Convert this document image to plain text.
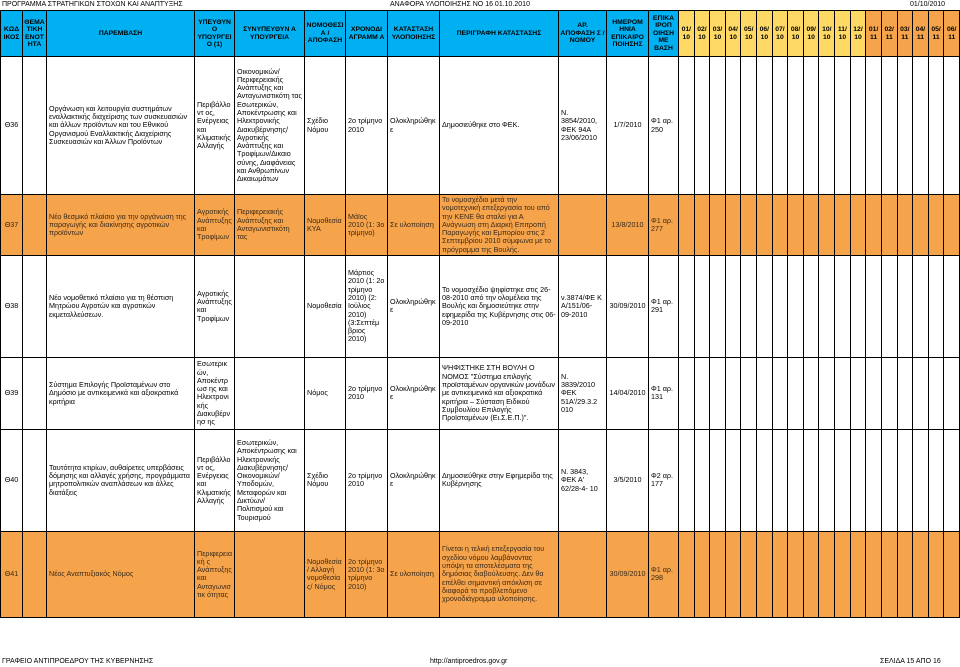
ΠΡΟΓΡΑΜΜΑ ΣΤΡΑΤΗΓΙΚΩΝ ΣΤΟΧΩΝ ΚΑΙ ΑΝΑΠΤΥΞΗΣ	ΑΝΑΦΟΡΑ ΥΛΟΠΟΙΗΣΗΣ ΝΟ 16 01.10.2010	01/10/2010
ΚΩΔ ΙΚΟΣ	ΘΕΜΑΤΙΚΗ ΕΝΟΤΗΤΑ	ΠΑΡΕΜΒΑΣΗ	ΥΠΕΥΘΥΝΟ ΥΠΟΥΡΓΕΙΟ (1)	ΣΥΝΥΠΕΥΘΥΝ Α ΥΠΟΥΡΓΕΙΑ	ΝΟΜΟΘΕΣΙ Α / ΑΠΟΦΑΣΗ	ΧΡΟΝΟΔΙ ΑΓΡΑΜΜ Α	ΚΑΤΑΣΤΑΣΗ ΥΛΟΠΟΙΗΣΗΣ	ΠΕΡΙΓΡΑΦΗ ΚΑΤΑΣΤΑΣΗΣ	ΑΡ. ΑΠΟΦΑΣΗ Σ / ΝΟΜΟΥ	ΗΜΕΡΟΜ ΗΝΙΑ ΕΠΙΚΑΙΡΟ ΠΟΙΗΣΗΣ	ΕΠΙΚΑ ΙΡΟΠ ΟΙΗΣΗ ΜΕ ΒΑΣΗ	01/ 10	02/ 10	03/ 10	04/ 10	05/ 10	06/ 10	07/ 10	08/ 10	09/ 10	10/ 10	11/ 10	12/ 10	01/ 11	02/ 11	03/ 11	04/ 11	05/ 11	06/ 11
Θ36		Οργάνωση και λειτουργία συστημάτων εναλλακτικής διαχείρισης των συσκευασιών και άλλων προϊόντων και του Εθνικού Οργανισμού Εναλλακτικής Διαχείρισης Συσκευασιών και Άλλων Προϊόντων	Περιβάλλοντ ος, Ενέργειας και Κλιματικής Αλλαγής	Οικονομικών/ Περιφερειακής Ανάπτυξης και Ανταγωνιστικότη τας Εσωτερικών, Αποκέντρωσης και Ηλεκτρονικής Διακυβέρνησης/ Αγροτικής Ανάπτυξης και Τροφίμων/Δικαιο σύνης, Διαφάνειας και Ανθρωπίνων Δικαιωμάτων	Σχέδιο Νόμου	2ο τρίμηνο 2010	Ολοκληρώθηκ ε	Δημοσιεύθηκε στο ΦΕΚ.	Ν. 3854/2010, ΦΕΚ 94Α 23/06/2010	1/7/2010	Φ1 αρ. 250																		
Θ37		Νέο θεσμικό πλαίσιο για την οργάνωση της παραγωγής και διακίνησης αγροτικών προϊόντων	Αγροτικής Ανάπτυξης και Τροφίμων	Περιφερειακής Ανάπτυξης και Ανταγωνιστικότη τας	Νομοθεσία ΚΥΑ	Μάϊος 2010 (1: 3ο τρίμηνο)	Σε υλοποίηση	Το νομοσχέδιο μετά την νομοτεχνική επεξεργασία του από την ΚΕΝΕ θα σταλεί για Α Ανάγνωση στη Διαρκή Επιτροπή Παραγωγής και Εμπορίου στις 2 Σεπτεμβρίου 2010 σύμφωνα με το πρόγραμμα της Βουλής.		13/8/2010	Φ1 αρ. 277																		
Θ38		Νέο νομοθετικό πλαίσιο για τη θέσπιση Μητρώου Αγροτών και αγροτικών εκμεταλλεύσεων.	Αγροτικής Ανάπτυξης και Τροφίμων		Νομοθεσία	Μάρτιος 2010 (1: 2ο τρίμηνο 2010) (2: Ιούλιος 2010) (3:Σεπτέμ βριος 2010)	Ολοκληρώθηκ ε	Το νομοσχέδιο ψηφίστηκε στις 26-08-2010 από την ολομέλεια της Βουλής και δημοσιεύτηκε στην εφημερίδα της Κυβέρνησης στις 06-09-2010	ν.3874/ΦΕ Κ Α/151/06- 09-2010	30/09/2010	Φ1 αρ. 291																		
Θ39		Σύστημα Επιλογής Προϊσταμένων στο Δημόσιο με αντικειμενικά και αξιοκρατικά κριτήρια	Εσωτερικών, Αποκέντρωσ ης και Ηλεκτρονικής Διακυβέρνησ ης		Νόμος	2ο τρίμηνο 2010	Ολοκληρώθηκ ε	ΨΗΦΙΣΤΗΚΕ ΣΤΗ ΒΟΥΛΗ Ο ΝΟΜΟΣ "Σύστημα επιλογής προϊσταμένων οργανικών μονάδων με αντικειμενικά και αξιοκρατικά κριτήρια – Σύσταση Ειδικού Συμβουλίου Επιλογής Προϊσταμένων (Ει.Σ.Ε.Π.)".	Ν. 3839/2010 ΦΕΚ 51Α'/29.3.2 010	14/04/2010	Φ1 αρ. 131																		
Θ40		Ταυτότητα κτιρίων, αυθαίρετες υπερβάσεις δόμησης και αλλαγές χρήσης, προγράμματα μητροπολιτικών αναπλάσεων και άλλες διατάξεις	Περιβάλλοντ ος, Ενέργειας και Κλιματικής Αλλαγής	Εσωτερικών, Αποκέντρωσης και Ηλεκτρονικής Διακυβέρνησης/ Οικονομικών/ Υποδομών, Μεταφορών και Δικτύων/ Πολιτισμού και Τουρισμού	Σχέδιο Νόμου	2ο τρίμηνο 2010	Ολοκληρώθηκ ε	Δημοσιεύθηκε στην Εφημερίδα της Κυβέρνησης	Ν. 3843, ΦΕΚ Α' 62/28-4- 10	3/5/2010	Φ2 αρ. 177																		
Θ41		Νέος Αναπτυξιακός Νόμος	Περιφερειακή ς Ανάπτυξης και Ανταγωνιστικ ότητας		Νομοθεσία/ Αλλαγή νομοθεσίας/ Νόμος	2ο τρίμηνο 2010 (1: 3ο τρίμηνο 2010)	Σε υλοποίηση	Γίνεται η τελική επεξεργασία του σχεδίου νόμου λαμβάνοντας υπόψη τα αποτελέσματα της δημόσιας διαβούλευσης. Δεν θα επέλθει σημαντική απόκλιση σε διαφορά το προβλεπόμενο χρονοδιάγραμμα υλοποίησης.		30/09/2010	Φ1 αρ. 298																		
ΓΡΑΦΕΙΟ ΑΝΤΙΠΡΟΕΔΡΟΥ ΤΗΣ ΚΥΒΕΡΝΗΣΗΣ	http://antiproedros.gov.gr	ΣΕΛΙΔΑ 15 ΑΠΟ 16
